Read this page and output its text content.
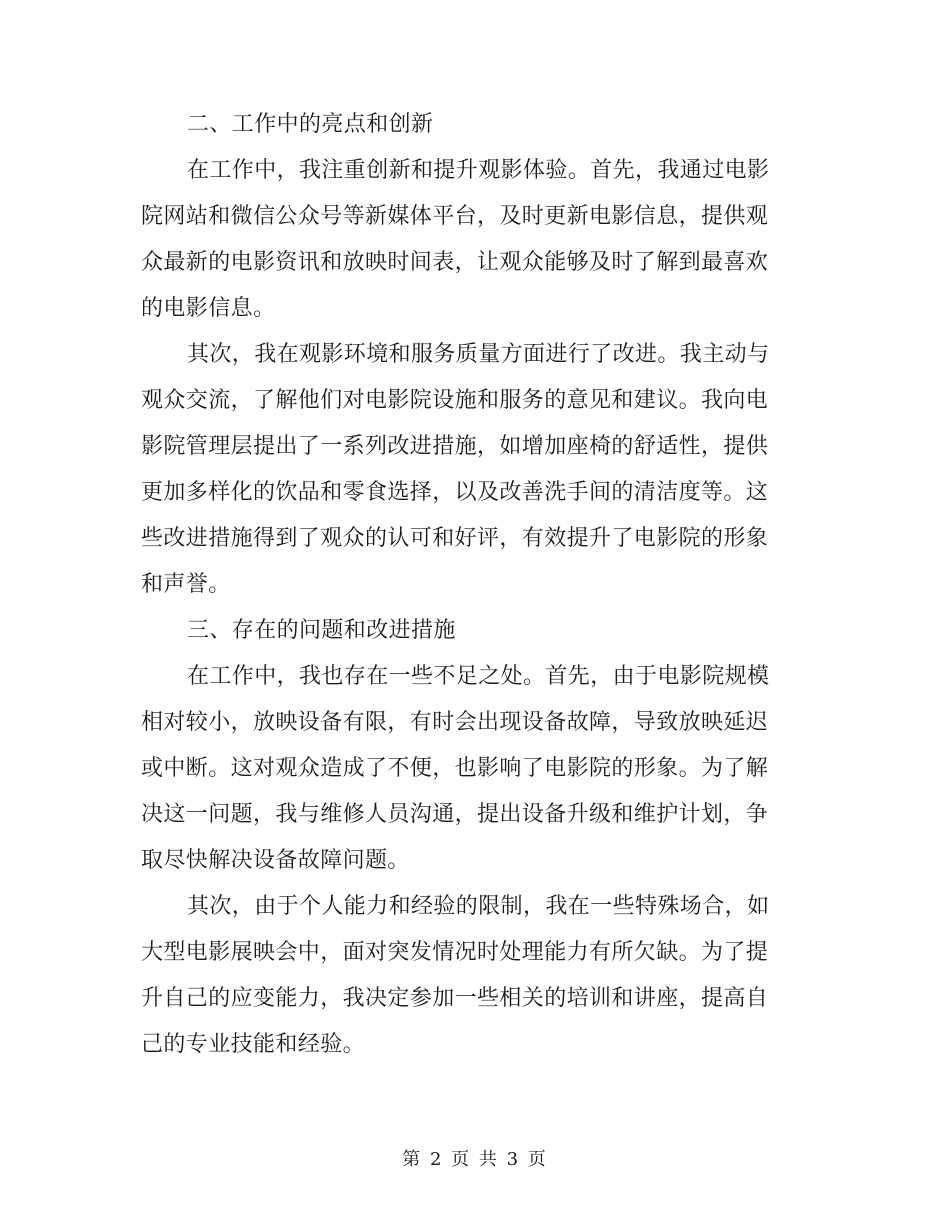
二、工作中的亮点和创新
在工作中，我注重创新和提升观影体验。首先，我通过电影
院网站和微信公众号等新媒体平台，及时更新电影信息，提供观
众最新的电影资讯和放映时间表，让观众能够及时了解到最喜欢
的电影信息。
其次，我在观影环境和服务质量方面进行了改进。我主动与
观众交流，了解他们对电影院设施和服务的意见和建议。我向电
影院管理层提出了一系列改进措施，如增加座椅的舒适性，提供
更加多样化的饮品和零食选择，以及改善洗手间的清洁度等。这
些改进措施得到了观众的认可和好评，有效提升了电影院的形象
和声誉。
三、存在的问题和改进措施
在工作中，我也存在一些不足之处。首先，由于电影院规模
相对较小，放映设备有限，有时会出现设备故障，导致放映延迟
或中断。这对观众造成了不便，也影响了电影院的形象。为了解
决这一问题，我与维修人员沟通，提出设备升级和维护计划，争
取尽快解决设备故障问题。
其次，由于个人能力和经验的限制，我在一些特殊场合，如
大型电影展映会中，面对突发情况时处理能力有所欠缺。为了提
升自己的应变能力，我决定参加一些相关的培训和讲座，提高自
己的专业技能和经验。
第 2 页 共 3 页
